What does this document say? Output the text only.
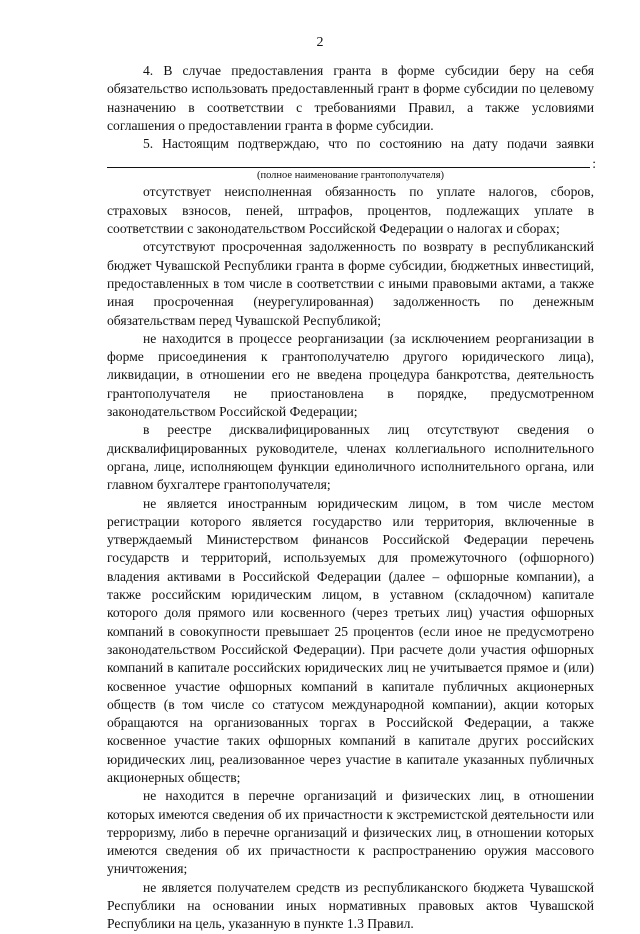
2

4. В случае предоставления гранта в форме субсидии беру на себя обязательство использовать предоставленный грант в форме субсидии по целевому назначению в соответствии с требованиями Правил, а также условиями соглашения о предоставлении гранта в форме субсидии.

5. Настоящим подтверждаю, что по состоянию на дату подачи заявки

:

(полное наименование грантополучателя)

отсутствует неисполненная обязанность по уплате налогов, сборов, страховых взносов, пеней, штрафов, процентов, подлежащих уплате в соответствии с законодательством Российской Федерации о налогах и сборах;

отсутствуют просроченная задолженность по возврату в республиканский бюджет Чувашской Республики гранта в форме субсидии, бюджетных инвестиций, предоставленных в том числе в соответствии с иными правовыми актами, а также иная просроченная (неурегулированная) задолженность по денежным обязательствам перед Чувашской Республикой;

не находится в процессе реорганизации (за исключением реорганизации в форме присоединения к грантополучателю другого юридического лица), ликвидации, в отношении его не введена процедура банкротства, деятельность грантополучателя не приостановлена в порядке, предусмотренном законодательством Российской Федерации;

в реестре дисквалифицированных лиц отсутствуют сведения о дисквалифицированных руководителе, членах коллегиального исполнительного органа, лице, исполняющем функции единоличного исполнительного органа, или главном бухгалтере грантополучателя;

не является иностранным юридическим лицом, в том числе местом регистрации которого является государство или территория, включенные в утверждаемый Министерством финансов Российской Федерации перечень государств и территорий, используемых для промежуточного (офшорного) владения активами в Российской Федерации (далее – офшорные компании), а также российским юридическим лицом, в уставном (складочном) капитале которого доля прямого или косвенного (через третьих лиц) участия офшорных компаний в совокупности превышает 25 процентов (если иное не предусмотрено законодательством Российской Федерации). При расчете доли участия офшорных компаний в капитале российских юридических лиц не учитывается прямое и (или) косвенное участие офшорных компаний в капитале публичных акционерных обществ (в том числе со статусом международной компании), акции которых обращаются на организованных торгах в Российской Федерации, а также косвенное участие таких офшорных компаний в капитале других российских юридических лиц, реализованное через участие в капитале указанных публичных акционерных обществ;

не находится в перечне организаций и физических лиц, в отношении которых имеются сведения об их причастности к экстремистской деятельности или терроризму, либо в перечне организаций и физических лиц, в отношении которых имеются сведения об их причастности к распространению оружия массового уничтожения;

не является получателем средств из республиканского бюджета Чувашской Республики на основании иных нормативных правовых актов Чувашской Республики на цель, указанную в пункте 1.3 Правил.
